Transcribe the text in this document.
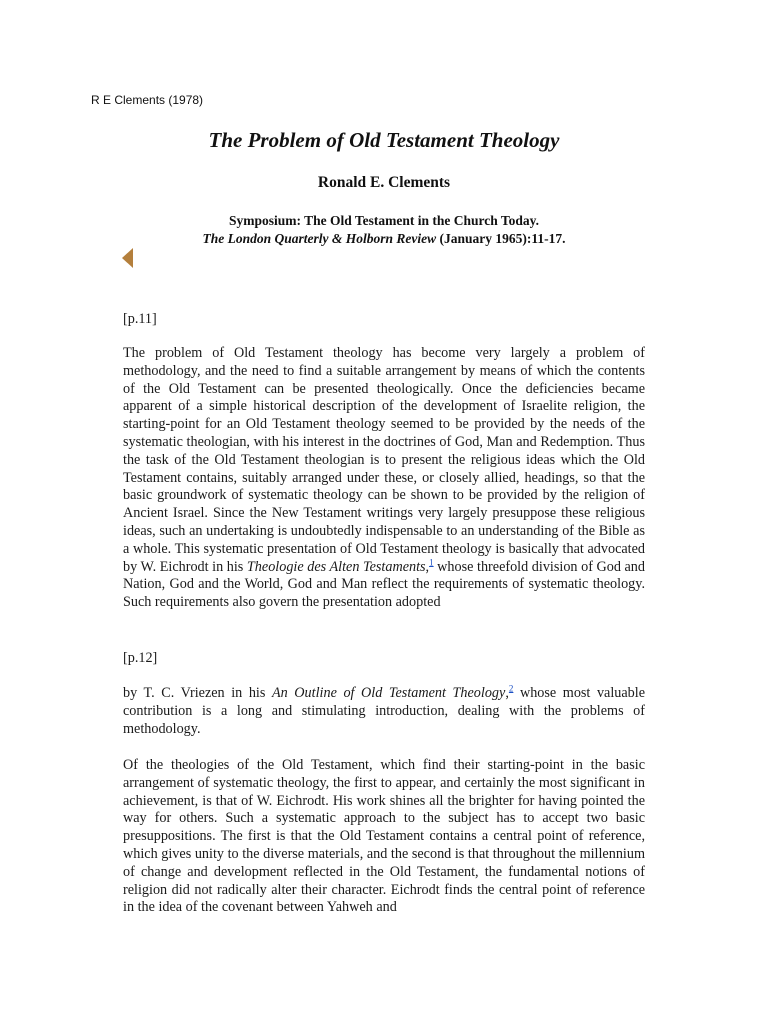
R E Clements (1978)
The Problem of Old Testament Theology
Ronald E. Clements
Symposium: The Old Testament in the Church Today.
The London Quarterly & Holborn Review (January 1965):11-17.
[p.11]

The problem of Old Testament theology has become very largely a problem of methodology, and the need to find a suitable arrangement by means of which the contents of the Old Testament can be presented theologically. Once the deficiencies became apparent of a simple historical description of the development of Israelite religion, the starting-point for an Old Testament theology seemed to be provided by the needs of the systematic theologian, with his interest in the doctrines of God, Man and Redemption. Thus the task of the Old Testament theologian is to present the religious ideas which the Old Testament contains, suitably arranged under these, or closely allied, headings, so that the basic groundwork of systematic theology can be shown to be provided by the religion of Ancient Israel. Since the New Testament writings very largely presuppose these religious ideas, such an undertaking is undoubtedly indispensable to an understanding of the Bible as a whole. This systematic presentation of Old Testament theology is basically that advocated by W. Eichrodt in his Theologie des Alten Testaments,$^1$ whose threefold division of God and Nation, God and the World, God and Man reflect the requirements of systematic theology. Such requirements also govern the presentation adopted

[p.12]

by T. C. Vriezen in his An Outline of Old Testament Theology,$^2$ whose most valuable contribution is a long and stimulating introduction, dealing with the problems of methodology.

Of the theologies of the Old Testament, which find their starting-point in the basic arrangement of systematic theology, the first to appear, and certainly the most significant in achievement, is that of W. Eichrodt. His work shines all the brighter for having pointed the way for others. Such a systematic approach to the subject has to accept two basic presuppositions. The first is that the Old Testament contains a central point of reference, which gives unity to the diverse materials, and the second is that throughout the millennium of change and development reflected in the Old Testament, the fundamental notions of religion did not radically alter their character. Eichrodt finds the central point of reference in the idea of the covenant between Yahweh and
